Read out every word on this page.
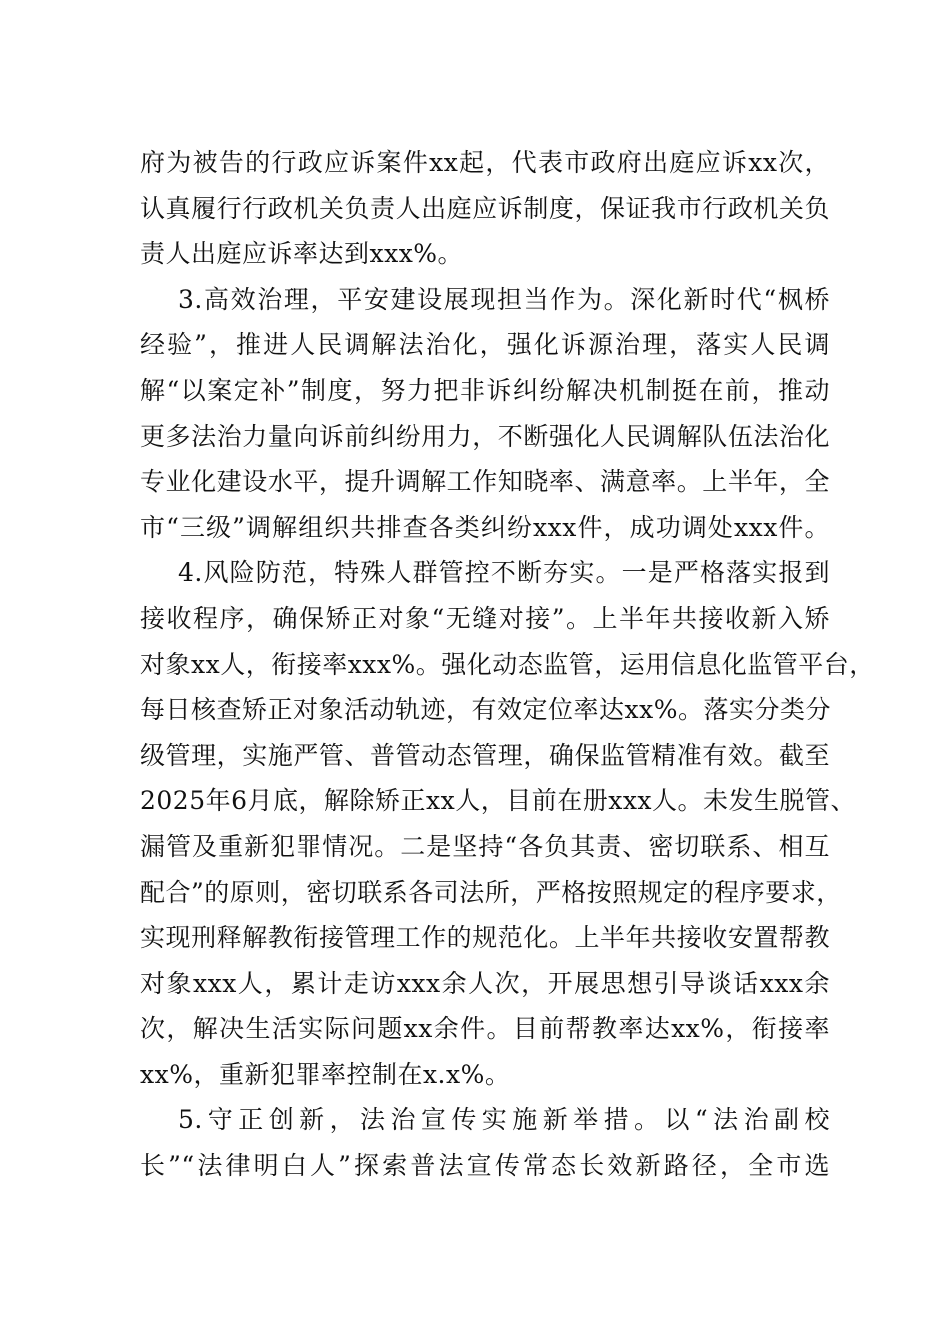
府为被告的行政应诉案件xx起，代表市政府出庭应诉xx次，
认真履行行政机关负责人出庭应诉制度，保证我市行政机关负
责人出庭应诉率达到xxx%。
3.高效治理，平安建设展现担当作为。深化新时代“枫桥
经验”，推进人民调解法治化，强化诉源治理，落实人民调
解“以案定补”制度，努力把非诉纠纷解决机制挺在前，推动
更多法治力量向诉前纠纷用力，不断强化人民调解队伍法治化
专业化建设水平，提升调解工作知晓率、满意率。上半年，全
市“三级”调解组织共排查各类纠纷xxx件，成功调处xxx件。
4.风险防范，特殊人群管控不断夯实。一是严格落实报到
接收程序，确保矫正对象“无缝对接”。上半年共接收新入矫
对象xx人，衔接率xxx%。强化动态监管，运用信息化监管平台，
每日核查矫正对象活动轨迹，有效定位率达xx%。落实分类分
级管理，实施严管、普管动态管理，确保监管精准有效。截至
2025年6月底，解除矫正xx人，目前在册xxx人。未发生脱管、
漏管及重新犯罪情况。二是坚持“各负其责、密切联系、相互
配合”的原则，密切联系各司法所，严格按照规定的程序要求，
实现刑释解教衔接管理工作的规范化。上半年共接收安置帮教
对象xxx人，累计走访xxx余人次，开展思想引导谈话xxx余
次，解决生活实际问题xx余件。目前帮教率达xx%，衔接率
xx%，重新犯罪率控制在x.x%。
5.守正创新，法治宣传实施新举措。以“法治副校
长”“法律明白人”探索普法宣传常态长效新路径，全市选
